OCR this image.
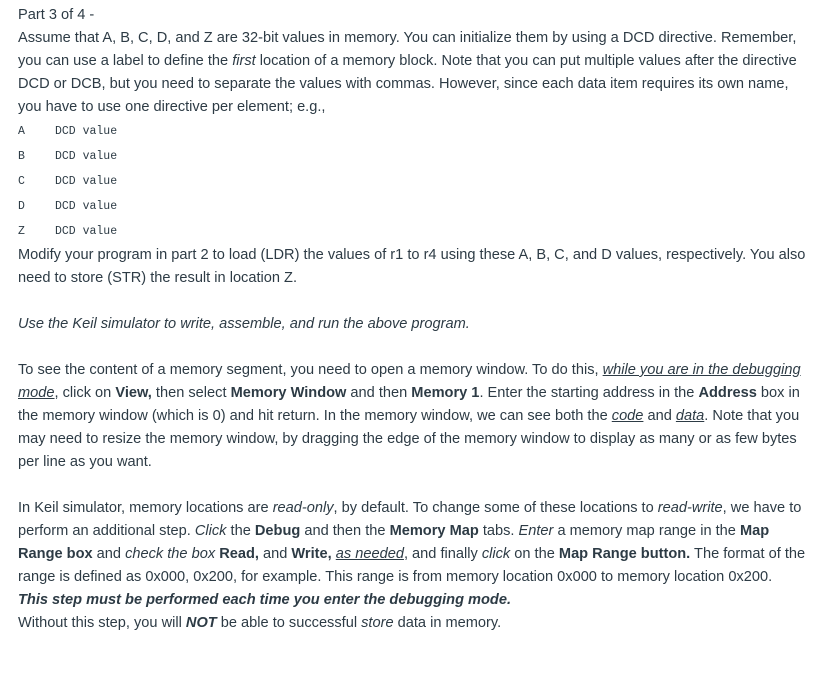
Part 3 of 4 -

Assume that A, B, C, D, and Z are 32-bit values in memory. You can initialize them by using a DCD directive. Remember, you can use a label to define the first location of a memory block. Note that you can put multiple values after the directive DCD or DCB, but you need to separate the values with commas. However, since each data item requires its own name, you have to use one directive per element; e.g.,

A	DCD value
B	DCD value
C	DCD value
D	DCD value
Z	DCD value

Modify your program in part 2 to load (LDR) the values of r1 to r4 using these A, B, C, and D values, respectively. You also need to store (STR) the result in location Z.

Use the Keil simulator to write, assemble, and run the above program.

To see the content of a memory segment, you need to open a memory window. To do this, while you are in the debugging mode, click on View, then select Memory Window and then Memory 1. Enter the starting address in the Address box in the memory window (which is 0) and hit return. In the memory window, we can see both the code and data. Note that you may need to resize the memory window, by dragging the edge of the memory window to display as many or as few bytes per line as you want.

In Keil simulator, memory locations are read-only, by default. To change some of these locations to read-write, we have to perform an additional step. Click the Debug and then the Memory Map tabs. Enter a memory map range in the Map Range box and check the box Read, and Write, as needed, and finally click on the Map Range button. The format of the range is defined as 0x000, 0x200, for example. This range is from memory location 0x000 to memory location 0x200.

This step must be performed each time you enter the debugging mode.

Without this step, you will NOT be able to successful store data in memory.
